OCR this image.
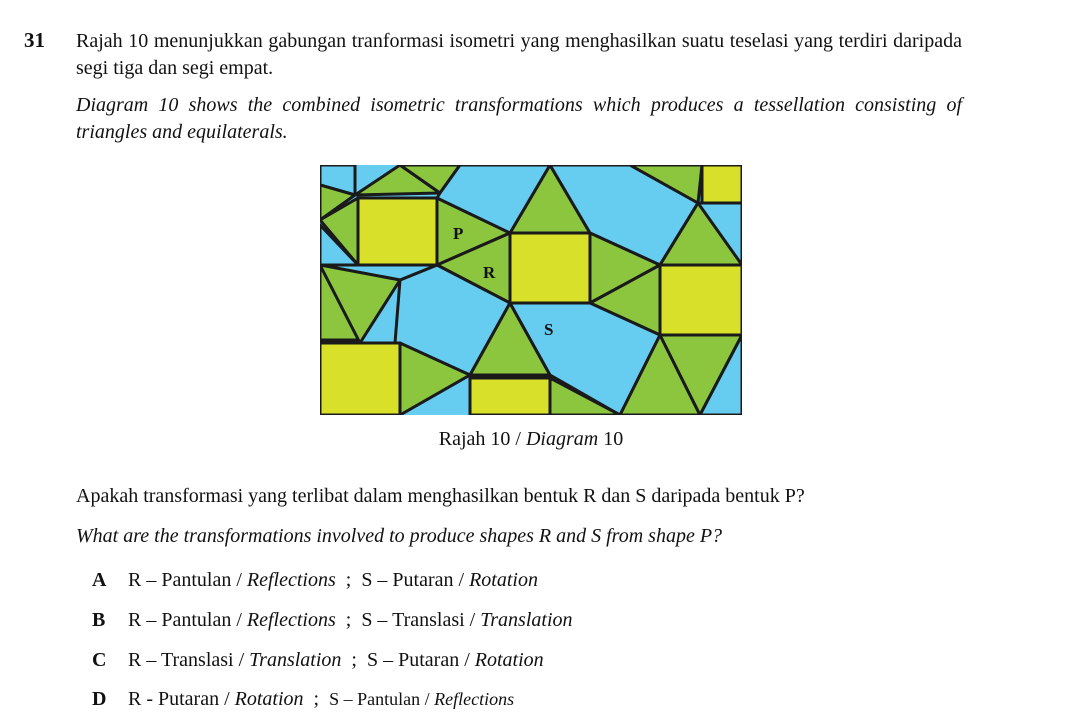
31 Rajah 10 menunjukkan gabungan tranformasi isometri yang menghasilkan suatu teselasi yang terdiri daripada segi tiga dan segi empat.
Diagram 10 shows the combined isometric transformations which produces a tessellation consisting of triangles and equilaterals.
P
R
S
Rajah 10 / Diagram 10
Apakah transformasi yang terlibat dalam menghasilkan bentuk R dan S daripada bentuk P?
What are the transformations involved to produce shapes R and S from shape P?
A R – Pantulan / Reflections  ;  S – Putaran / Rotation
B R – Pantulan / Reflections  ;  S – Translasi / Translation
C R – Translasi / Translation  ;  S – Putaran / Rotation
D R - Putaran / Rotation  ;  S – Pantulan / Reflections
